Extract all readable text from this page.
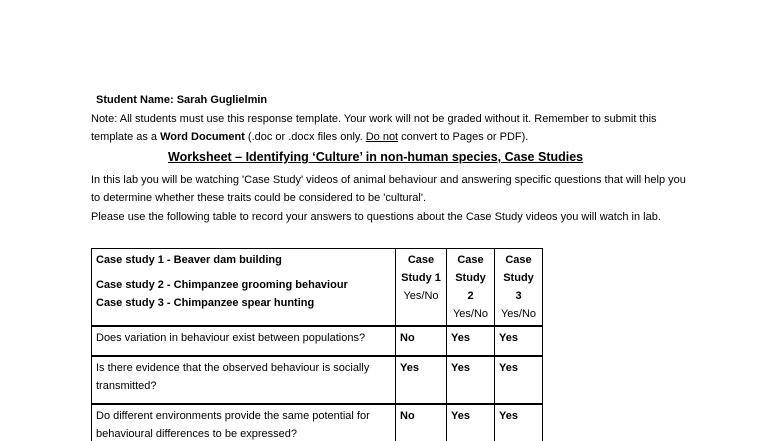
Student Name: Sarah Guglielmin
Note: All students must use this response template. Your work will not be graded without it. Remember to submit this
template as a Word Document (.doc or .docx files only. Do not convert to Pages or PDF).
Worksheet – Identifying ‘Culture’ in non-human species, Case Studies
In this lab you will be watching 'Case Study' videos of animal behaviour and answering specific questions that will help you
to determine whether these traits could be considered to be 'cultural'.
Please use the following table to record your answers to questions about the Case Study videos you will watch in lab.
Case study 1 - Beaver dam building
Case study 2 - Chimpanzee grooming behaviour
Case study 3 - Chimpanzee spear hunting	Case
Study 1
Yes/No	Case
Study 2
Yes/No	Case
Study 3
Yes/No

Does variation in behaviour exist between populations?	No	Yes	Yes

Is there evidence that the observed behaviour is socially
transmitted?	Yes	Yes	Yes

Do different environments provide the same potential for
behavioural differences to be expressed?	No	Yes	Yes
